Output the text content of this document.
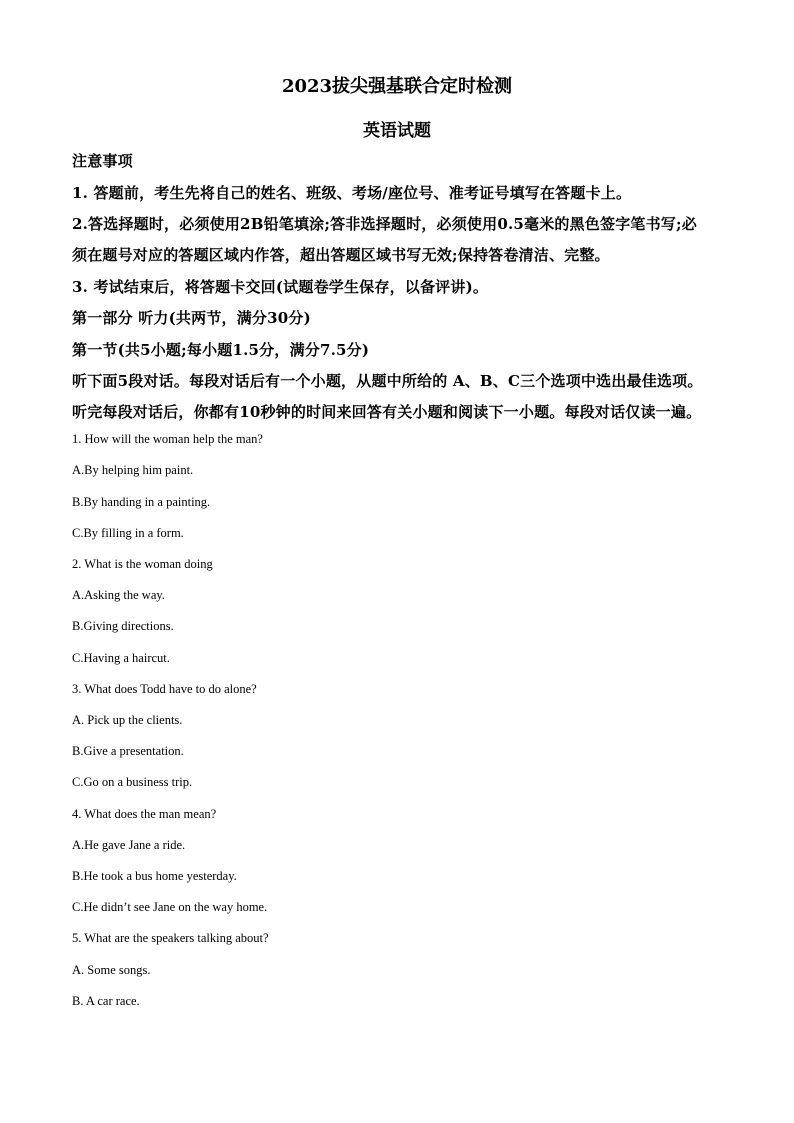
2023拔尖强基联合定时检测
英语试题
注意事项
1. 答题前，考生先将自己的姓名、班级、考场/座位号、准考证号填写在答题卡上。
2.答选择题时，必须使用2B铅笔填涂;答非选择题时，必须使用0.5毫米的黑色签字笔书写;必
须在题号对应的答题区域内作答，超出答题区域书写无效;保持答卷清洁、完整。
3. 考试结束后，将答题卡交回(试题卷学生保存，以备评讲)。
第一部分 听力(共两节，满分30分)
第一节(共5小题;每小题1.5分，满分7.5分)
听下面5段对话。每段对话后有一个小题，从题中所给的 A、B、C三个选项中选出最佳选项。
听完每段对话后，你都有10秒钟的时间来回答有关小题和阅读下一小题。每段对话仅读一遍。
1. How will the woman help the man?
A.By helping him paint.
B.By handing in a painting.
C.By filling in a form.
2. What is the woman doing
A.Asking the way.
B.Giving directions.
C.Having a haircut.
3. What does Todd have to do alone?
A. Pick up the clients.
B.Give a presentation.
C.Go on a business trip.
4. What does the man mean?
A.He gave Jane a ride.
B.He took a bus home yesterday.
C.He didn’t see Jane on the way home.
5. What are the speakers talking about?
A. Some songs.
B. A car race.
